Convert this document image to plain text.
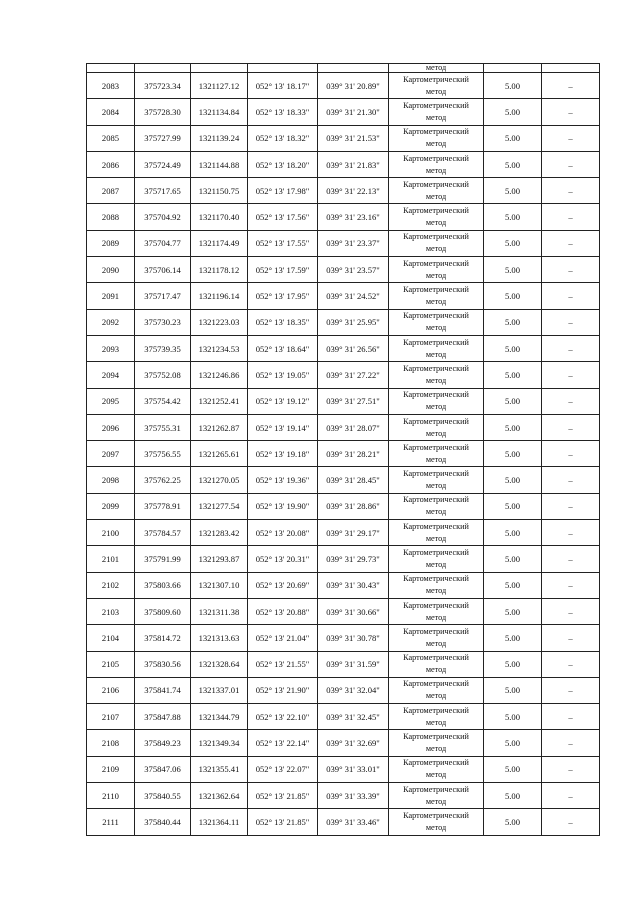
					метод		
2083	375723.34	1321127.12	052° 13' 18.17"	039° 31' 20.89"	Картометрический
метод	5.00	–
2084	375728.30	1321134.84	052° 13' 18.33"	039° 31' 21.30"	Картометрический
метод	5.00	–
2085	375727.99	1321139.24	052° 13' 18.32"	039° 31' 21.53"	Картометрический
метод	5.00	–
2086	375724.49	1321144.88	052° 13' 18.20"	039° 31' 21.83"	Картометрический
метод	5.00	–
2087	375717.65	1321150.75	052° 13' 17.98"	039° 31' 22.13"	Картометрический
метод	5.00	–
2088	375704.92	1321170.40	052° 13' 17.56"	039° 31' 23.16"	Картометрический
метод	5.00	–
2089	375704.77	1321174.49	052° 13' 17.55"	039° 31' 23.37"	Картометрический
метод	5.00	–
2090	375706.14	1321178.12	052° 13' 17.59"	039° 31' 23.57"	Картометрический
метод	5.00	–
2091	375717.47	1321196.14	052° 13' 17.95"	039° 31' 24.52"	Картометрический
метод	5.00	–
2092	375730.23	1321223.03	052° 13' 18.35"	039° 31' 25.95"	Картометрический
метод	5.00	–
2093	375739.35	1321234.53	052° 13' 18.64"	039° 31' 26.56"	Картометрический
метод	5.00	–
2094	375752.08	1321246.86	052° 13' 19.05"	039° 31' 27.22"	Картометрический
метод	5.00	–
2095	375754.42	1321252.41	052° 13' 19.12"	039° 31' 27.51"	Картометрический
метод	5.00	–
2096	375755.31	1321262.87	052° 13' 19.14"	039° 31' 28.07"	Картометрический
метод	5.00	–
2097	375756.55	1321265.61	052° 13' 19.18"	039° 31' 28.21"	Картометрический
метод	5.00	–
2098	375762.25	1321270.05	052° 13' 19.36"	039° 31' 28.45"	Картометрический
метод	5.00	–
2099	375778.91	1321277.54	052° 13' 19.90"	039° 31' 28.86"	Картометрический
метод	5.00	–
2100	375784.57	1321283.42	052° 13' 20.08"	039° 31' 29.17"	Картометрический
метод	5.00	–
2101	375791.99	1321293.87	052° 13' 20.31"	039° 31' 29.73"	Картометрический
метод	5.00	–
2102	375803.66	1321307.10	052° 13' 20.69"	039° 31' 30.43"	Картометрический
метод	5.00	–
2103	375809.60	1321311.38	052° 13' 20.88"	039° 31' 30.66"	Картометрический
метод	5.00	–
2104	375814.72	1321313.63	052° 13' 21.04"	039° 31' 30.78"	Картометрический
метод	5.00	–
2105	375830.56	1321328.64	052° 13' 21.55"	039° 31' 31.59"	Картометрический
метод	5.00	–
2106	375841.74	1321337.01	052° 13' 21.90"	039° 31' 32.04"	Картометрический
метод	5.00	–
2107	375847.88	1321344.79	052° 13' 22.10"	039° 31' 32.45"	Картометрический
метод	5.00	–
2108	375849.23	1321349.34	052° 13' 22.14"	039° 31' 32.69"	Картометрический
метод	5.00	–
2109	375847.06	1321355.41	052° 13' 22.07"	039° 31' 33.01"	Картометрический
метод	5.00	–
2110	375840.55	1321362.64	052° 13' 21.85"	039° 31' 33.39"	Картометрический
метод	5.00	–
2111	375840.44	1321364.11	052° 13' 21.85"	039° 31' 33.46"	Картометрический
метод	5.00	–
